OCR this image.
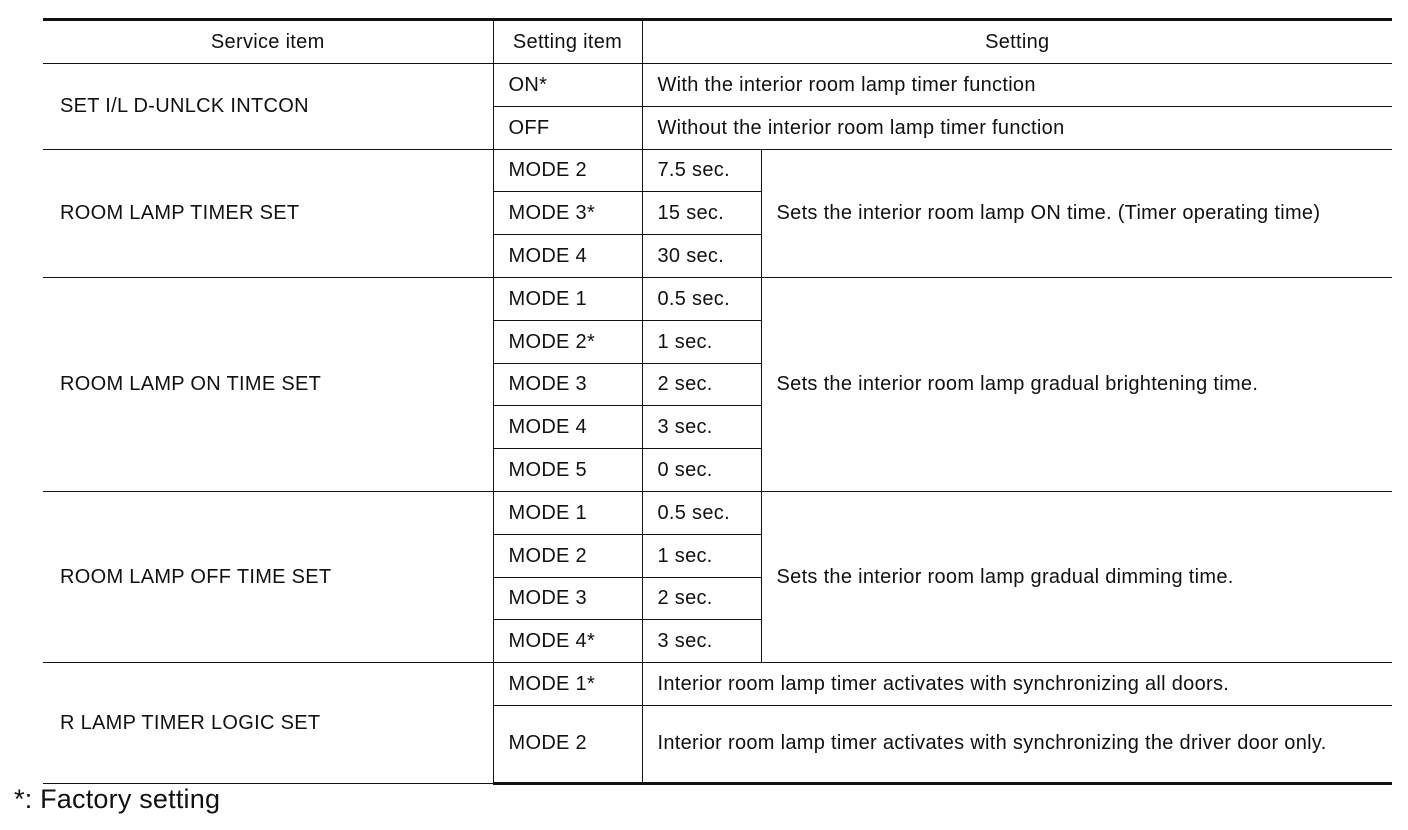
Service item	Setting item	Setting	
SET I/L D-UNLCK INTCON	ON*	With the interior room lamp timer function	
	OFF	Without the interior room lamp timer function	
ROOM LAMP TIMER SET	MODE 2	7.5 sec.	Sets the interior room lamp ON time. (Timer operating time)
	MODE 3*	15 sec.	
	MODE 4	30 sec.	
ROOM LAMP ON TIME SET	MODE 1	0.5 sec.	Sets the interior room lamp gradual brightening time.
	MODE 2*	1 sec.	
	MODE 3	2 sec.	
	MODE 4	3 sec.	
	MODE 5	0 sec.	
ROOM LAMP OFF TIME SET	MODE 1	0.5 sec.	Sets the interior room lamp gradual dimming time.
	MODE 2	1 sec.	
	MODE 3	2 sec.	
	MODE 4*	3 sec.	
R LAMP TIMER LOGIC SET	MODE 1*	Interior room lamp timer activates with synchronizing all doors.	
	MODE 2	Interior room lamp timer activates with synchronizing the driver door only.	
*: Factory setting
